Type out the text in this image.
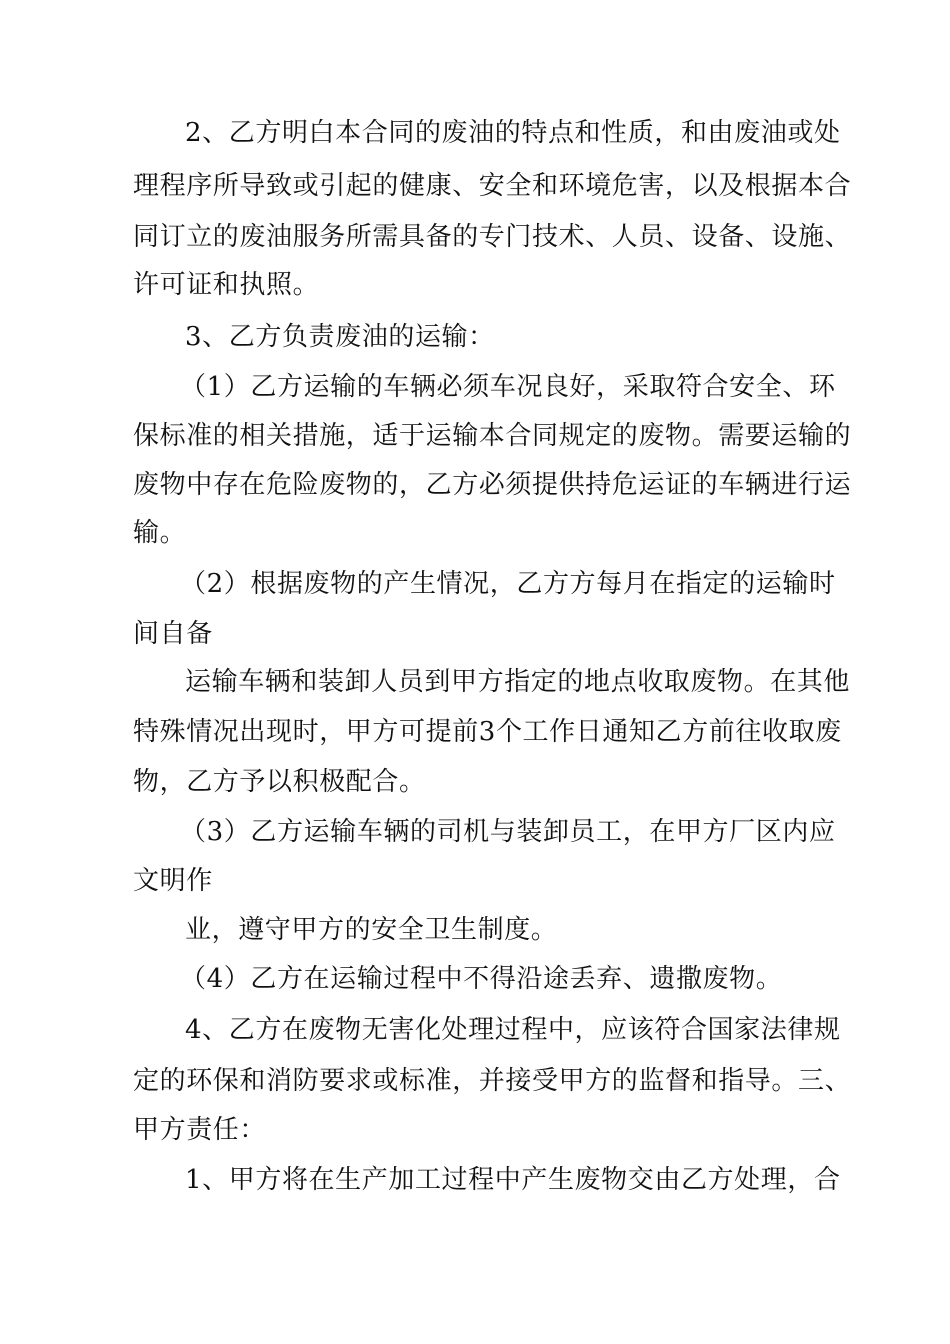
2、乙方明白本合同的废油的特点和性质，和由废油或处

理程序所导致或引起的健康、安全和环境危害，以及根据本合

同订立的废油服务所需具备的专门技术、人员、设备、设施、

许可证和执照。

3、乙方负责废油的运输：

（1）乙方运输的车辆必须车况良好，采取符合安全、环

保标准的相关措施，适于运输本合同规定的废物。需要运输的

废物中存在危险废物的，乙方必须提供持危运证的车辆进行运

输。

（2）根据废物的产生情况，乙方方每月在指定的运输时

间自备

运输车辆和装卸人员到甲方指定的地点收取废物。在其他

特殊情况出现时，甲方可提前3个工作日通知乙方前往收取废

物，乙方予以积极配合。

（3）乙方运输车辆的司机与装卸员工，在甲方厂区内应

文明作

业，遵守甲方的安全卫生制度。

（4）乙方在运输过程中不得沿途丢弃、遗撒废物。

4、乙方在废物无害化处理过程中，应该符合国家法律规

定的环保和消防要求或标准，并接受甲方的监督和指导。三、

甲方责任：

1、甲方将在生产加工过程中产生废物交由乙方处理，合
